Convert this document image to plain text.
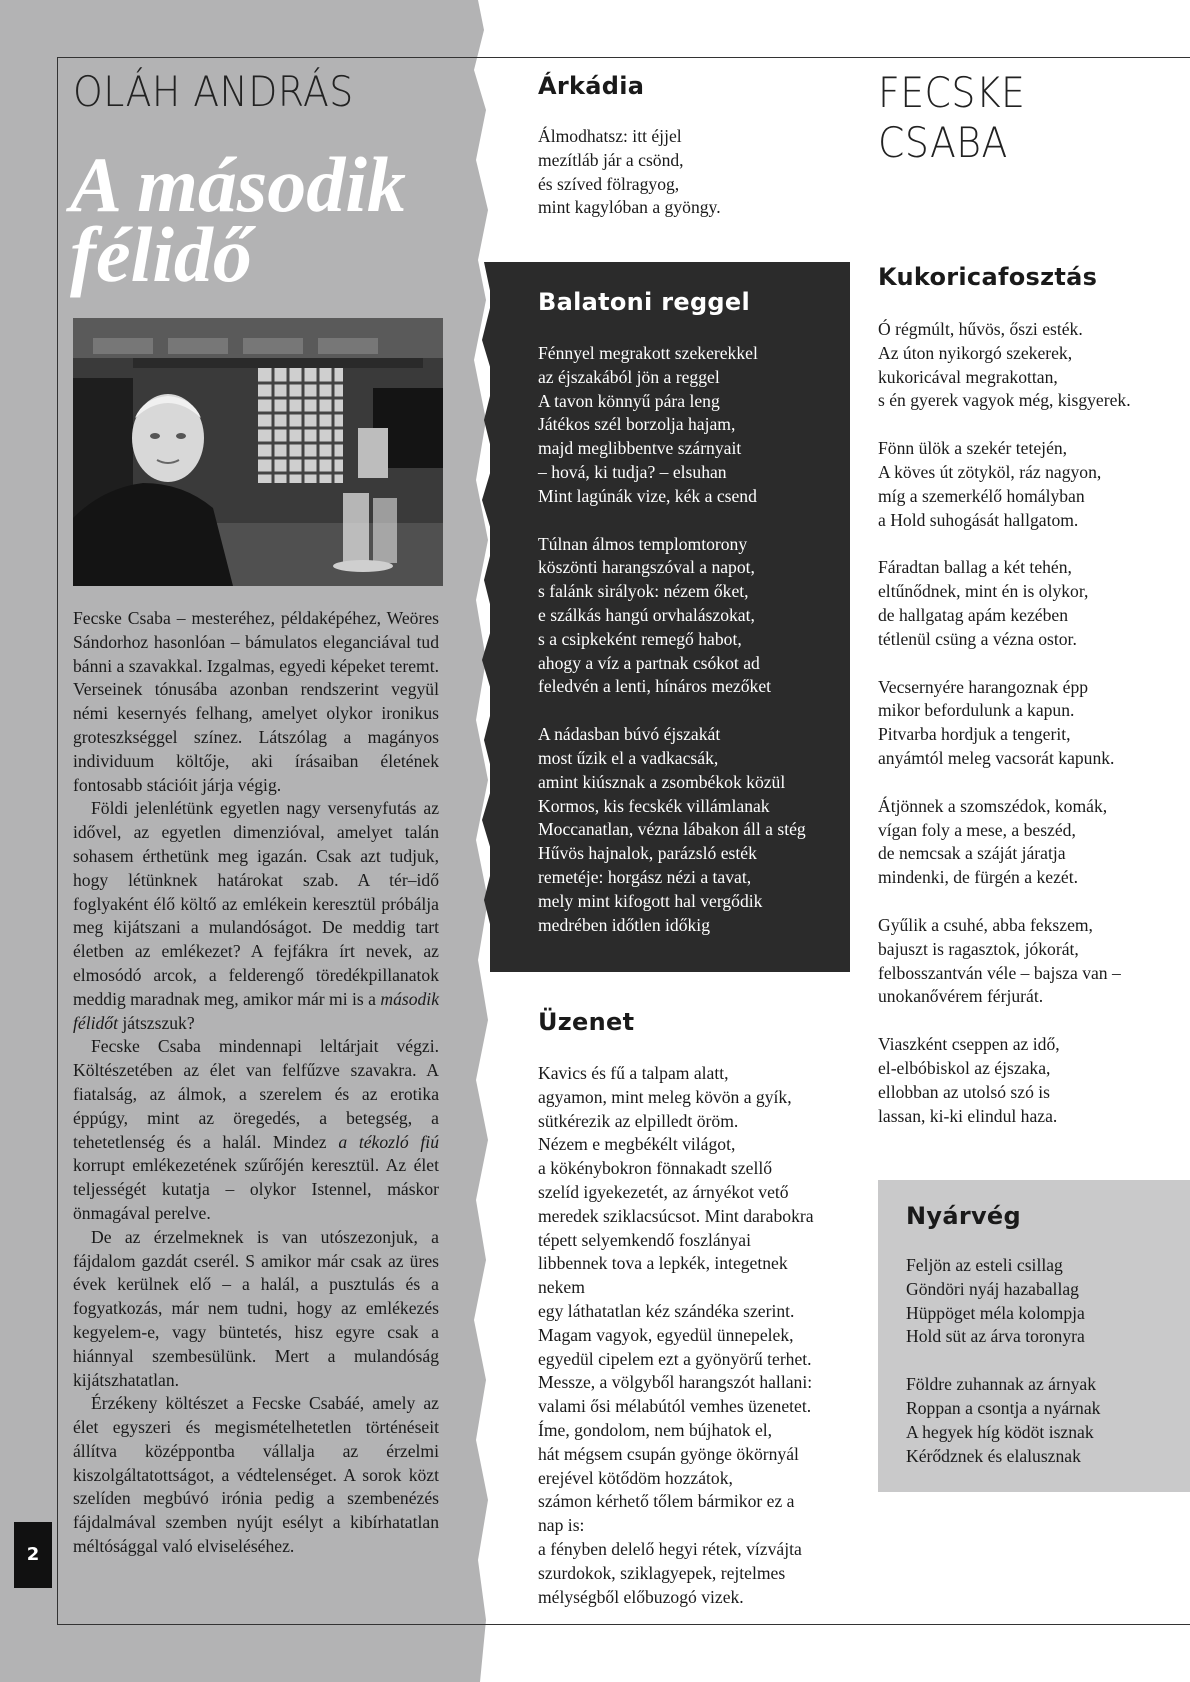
OLÁH ANDRÁS
A második
félidő

Fecske Csaba – mesteréhez, példaképéhez, Weöres Sándorhoz hasonlóan – bámulatos eleganciával tud bánni a szavakkal. Izgalmas, egyedi képeket teremt. Verseinek tónusába azonban rendszerint vegyül némi kesernyés felhang, amelyet olykor ironikus groteszkséggel színez. Látszólag a magányos individuum költője, aki írásaiban életének fontosabb stációit járja végig.

Földi jelenlétünk egyetlen nagy versenyfutás az idővel, az egyetlen dimenzióval, amelyet talán sohasem érthetünk meg igazán. Csak azt tudjuk, hogy létünknek határokat szab. A tér–idő foglyaként élő költő az emlékein keresztül próbálja meg kijátszani a mulandóságot. De meddig tart életben az emlékezet? A fejfákra írt nevek, az elmosódó arcok, a felderengő töredékpillanatok meddig maradnak meg, amikor már mi is a második félidőt játszszuk?

Fecske Csaba mindennapi leltárjait végzi. Költészetében az élet van felfűzve szavakra. A fiatalság, az álmok, a szerelem és az erotika éppúgy, mint az öregedés, a betegség, a tehetetlenség és a halál. Mindez a tékozló fiú korrupt emlékezetének szűrőjén keresztül. Az élet teljességét kutatja – olykor Istennel, máskor önmagával perelve.

De az érzelmeknek is van utószezonjuk, a fájdalom gazdát cserél. S amikor már csak az üres évek kerülnek elő – a halál, a pusztulás és a fogyatkozás, már nem tudni, hogy az emlékezés kegyelem-e, vagy büntetés, hisz egyre csak a hiánnyal szembesülünk. Mert a mulandóság kijátszhatatlan.

Érzékeny költészet a Fecske Csabáé, amely az élet egyszeri és megismételhetetlen történéseit állítva középpontba vállalja az érzelmi kiszolgáltatottságot, a védtelenséget. A sorok közt szelíden megbúvó irónia pedig a szembenézés fájdalmával szemben nyújt esélyt a kibírhatatlan méltósággal való elviseléséhez.

2
Árkádia
Álmodhatsz: itt éjjel
mezítláb jár a csönd,
és szíved fölragyog,
mint kagylóban a gyöngy.
Balatoni reggel
Fénnyel megrakott szekerekkel
az éjszakából jön a reggel
A tavon könnyű pára leng
Játékos szél borzolja hajam,
majd meglibbentve szárnyait
– hová, ki tudja? – elsuhan
Mint lagúnák vize, kék a csend
Túlnan álmos templomtorony
köszönti harangszóval a napot,
s falánk sirályok: nézem őket,
e szálkás hangú orvhalászokat,
s a csipkeként remegő habot,
ahogy a víz a partnak csókot ad
feledvén a lenti, hínáros mezőket
A nádasban búvó éjszakát
most űzik el a vadkacsák,
amint kiúsznak a zsombékok közül
Kormos, kis fecskék villámlanak
Moccanatlan, vézna lábakon áll a stég
Hűvös hajnalok, parázsló esték
remetéje: horgász nézi a tavat,
mely mint kifogott hal vergődik
medrében időtlen időkig
Üzenet
Kavics és fű a talpam alatt,
agyamon, mint meleg kövön a gyík,
sütkérezik az elpilledt öröm.
Nézem e megbékélt világot,
a kökénybokron fönnakadt szellő
szelíd igyekezetét, az árnyékot vető
meredek sziklacsúcsot. Mint darabokra
tépett selyemkendő foszlányai
libbennek tova a lepkék, integetnek
nekem
egy láthatatlan kéz szándéka szerint.
Magam vagyok, egyedül ünnepelek,
egyedül cipelem ezt a gyönyörű terhet.
Messze, a völgyből harangszót hallani:
valami ősi mélabútól vemhes üzenetet.
Íme, gondolom, nem bújhatok el,
hát mégsem csupán gyönge ökörnyál
erejével kötődöm hozzátok,
számon kérhető tőlem bármikor ez a
nap is:
a fényben delelő hegyi rétek, vízvájta
szurdokok, sziklagyepek, rejtelmes
mélységből előbuzogó vizek.
FECSKE
CSABA
Kukoricafosztás
Ó régmúlt, hűvös, őszi esték.
Az úton nyikorgó szekerek,
kukoricával megrakottan,
s én gyerek vagyok még, kisgyerek.
Fönn ülök a szekér tetején,
A köves út zötyköl, ráz nagyon,
míg a szemerkélő homályban
a Hold suhogását hallgatom.
Fáradtan ballag a két tehén,
eltűnődnek, mint én is olykor,
de hallgatag apám kezében
tétlenül csüng a vézna ostor.
Vecsernyére harangoznak épp
mikor befordulunk a kapun.
Pitvarba hordjuk a tengerit,
anyámtól meleg vacsorát kapunk.
Átjönnek a szomszédok, komák,
vígan foly a mese, a beszéd,
de nemcsak a száját járatja
mindenki, de fürgén a kezét.
Gyűlik a csuhé, abba fekszem,
bajuszt is ragasztok, jókorát,
felbosszantván véle – bajsza van –
unokanővérem férjurát.
Viaszként cseppen az idő,
el-elbóbiskol az éjszaka,
ellobban az utolsó szó is
lassan, ki-ki elindul haza.
Nyárvég
Feljön az esteli csillag
Göndöri nyáj hazaballag
Hüppöget méla kolompja
Hold süt az árva toronyra
Földre zuhannak az árnyak
Roppan a csontja a nyárnak
A hegyek híg ködöt isznak
Kérődznek és elalusznak
